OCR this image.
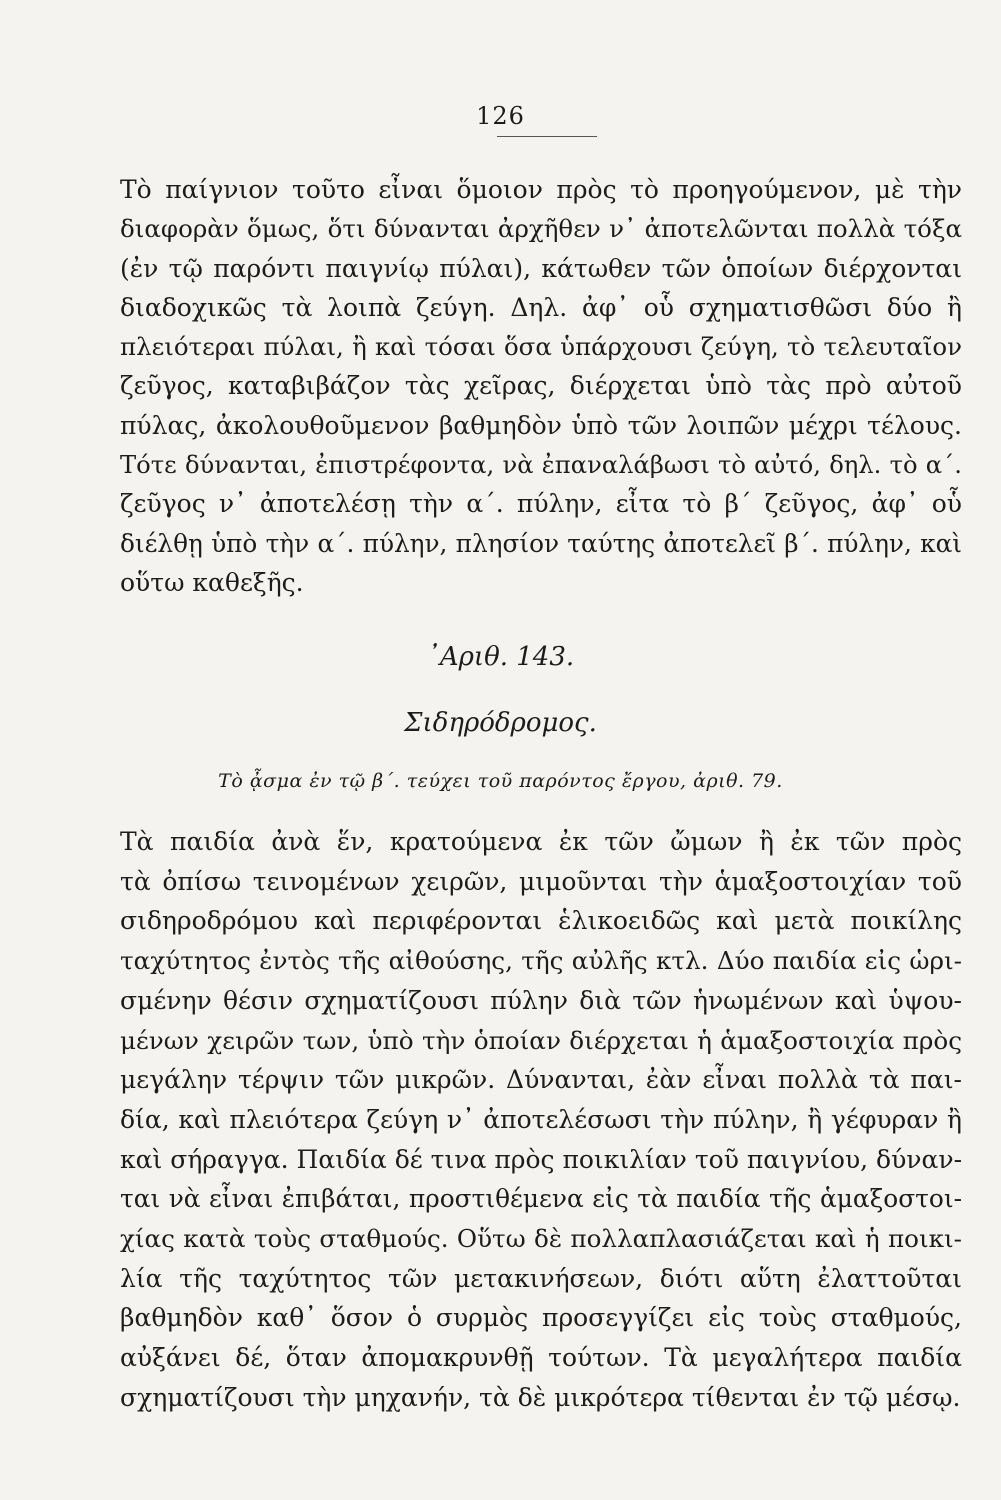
126
Τὸ παίγνιον τοῦτο εἶναι ὅμοιον πρὸς τὸ προηγούμενον, μὲ τὴν
διαφορὰν ὅμως, ὅτι δύνανται ἀρχῆθεν ν᾽ ἀποτελῶνται πολλὰ τόξα
(ἐν τῷ παρόντι παιγνίῳ πύλαι), κάτωθεν τῶν ὁποίων διέρχονται
διαδοχικῶς τὰ λοιπὰ ζεύγη. Δηλ. ἀφ᾽ οὗ σχηματισθῶσι δύο ἢ
πλειότεραι πύλαι, ἢ καὶ τόσαι ὅσα ὑπάρχουσι ζεύγη, τὸ τελευταῖον
ζεῦγος, καταβιβάζον τὰς χεῖρας, διέρχεται ὑπὸ τὰς πρὸ αὐτοῦ
πύλας, ἀκολουθοῦμενον βαθμηδὸν ὑπὸ τῶν λοιπῶν μέχρι τέλους.
Τότε δύνανται, ἐπιστρέφοντα, νὰ ἐπαναλάβωσι τὸ αὐτό, δηλ. τὸ α΄.
ζεῦγος ν᾽ ἀποτελέσῃ τὴν α΄. πύλην, εἶτα τὸ β΄ ζεῦγος, ἀφ᾽ οὗ
διέλθῃ ὑπὸ τὴν α΄. πύλην, πλησίον ταύτης ἀποτελεῖ β΄. πύλην, καὶ
οὕτω καθεξῆς.
᾽Αριθ. 143.
Σιδηρόδρομος.
Τὸ ᾆσμα ἐν τῷ β΄. τεύχει τοῦ παρόντος ἔργου, ἀριθ. 79.
Τὰ παιδία ἀνὰ ἕν, κρατούμενα ἐκ τῶν ὤμων ἢ ἐκ τῶν πρὸς
τὰ ὀπίσω τεινομένων χειρῶν, μιμοῦνται τὴν ἁμαξοστοιχίαν τοῦ
σιδηροδρόμου καὶ περιφέρονται ἑλικοειδῶς καὶ μετὰ ποικίλης
ταχύτητος ἐντὸς τῆς αἰθούσης, τῆς αὐλῆς κτλ. Δύο παιδία εἰς ὡρι-
σμένην θέσιν σχηματίζουσι πύλην διὰ τῶν ἡνωμένων καὶ ὑψου-
μένων χειρῶν των, ὑπὸ τὴν ὁποίαν διέρχεται ἡ ἁμαξοστοιχία πρὸς
μεγάλην τέρψιν τῶν μικρῶν. Δύνανται, ἐὰν εἶναι πολλὰ τὰ παι-
δία, καὶ πλειότερα ζεύγη ν᾽ ἀποτελέσωσι τὴν πύλην, ἢ γέφυραν ἢ
καὶ σήραγγα. Παιδία δέ τινα πρὸς ποικιλίαν τοῦ παιγνίου, δύναν-
ται νὰ εἶναι ἐπιβάται, προστιθέμενα εἰς τὰ παιδία τῆς ἁμαξοστοι-
χίας κατὰ τοὺς σταθμούς. Οὕτω δὲ πολλαπλασιάζεται καὶ ἡ ποικι-
λία τῆς ταχύτητος τῶν μετακινήσεων, διότι αὕτη ἐλαττοῦται
βαθμηδὸν καθ᾽ ὅσον ὁ συρμὸς προσεγγίζει εἰς τοὺς σταθμούς,
αὐξάνει δέ, ὅταν ἀπομακρυνθῇ τούτων. Τὰ μεγαλήτερα παιδία
σχηματίζουσι τὴν μηχανήν, τὰ δὲ μικρότερα τίθενται ἐν τῷ μέσῳ.
